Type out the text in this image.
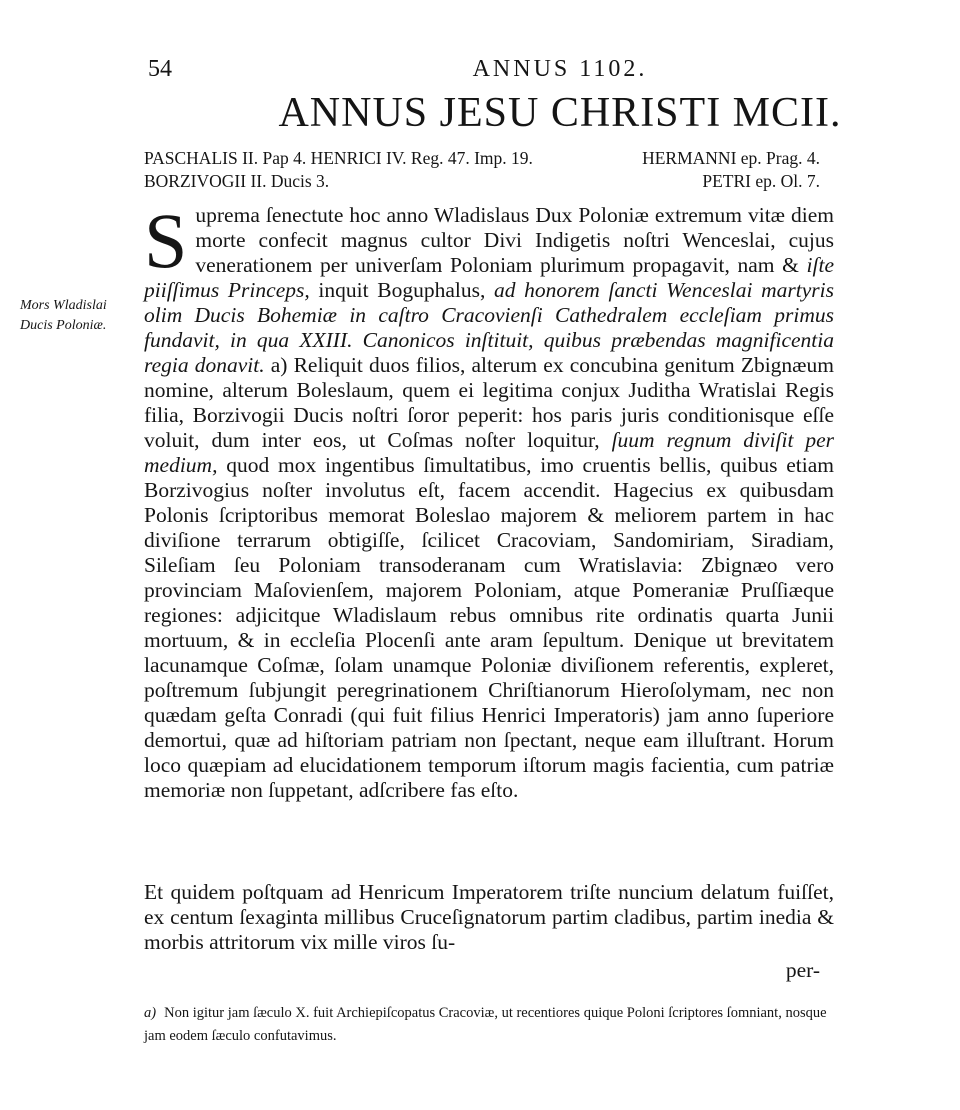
54	ANNUS 1102.
ANNUS JESU CHRISTI MCII.
PASCHALIS II. Pap 4. HENRICI IV. Reg. 47. Imp. 19.	HERMANNI ep. Prag. 4.
BORZIVOGII II. Ducis 3.	PETRI ep. Ol. 7.
Mors Wladislai Ducis Poloniæ.
S uprema ſenectute hoc anno Wladislaus Dux Poloniæ extremum vitæ diem morte confecit magnus cultor Divi Indigetis noſtri Wenceslai, cujus venerationem per univerſam Poloniam plurimum propagavit, nam & iſte piiſſimus Princeps, inquit Boguphalus, ad honorem ſancti Wenceslai martyris olim Ducis Bohemiæ in caſtro Cracovienſi Cathedralem eccleſiam primus fundavit, in qua XXIII. Canonicos inſtituit, quibus præbendas magnificentia regia donavit. a) Reliquit duos filios, alterum ex concubina genitum Zbignæum nomine, alterum Boleslaum, quem ei legitima conjux Juditha Wratislai Regis filia, Borzivogii Ducis noſtri ſoror peperit: hos paris juris conditionisque eſſe voluit, dum inter eos, ut Coſmas noſter loquitur, ſuum regnum diviſit per medium, quod mox ingentibus ſimultatibus, imo cruentis bellis, quibus etiam Borzivogius noſter involutus eſt, facem accendit. Hagecius ex quibusdam Polonis ſcriptoribus memorat Boleslao majorem & meliorem partem in hac diviſione terrarum obtigiſſe, ſcilicet Cracoviam, Sandomiriam, Siradiam, Sileſiam ſeu Poloniam transoderanam cum Wratislavia: Zbignæo vero provinciam Maſovienſem, majorem Poloniam, atque Pomeraniæ Pruſſiæque regiones: adjicitque Wladislaum rebus omnibus rite ordinatis quarta Junii mortuum, & in eccleſia Plocenſi ante aram ſepultum. Denique ut brevitatem lacunamque Coſmæ, ſolam unamque Poloniæ diviſionem referentis, expleret, poſtremum ſubjungit peregrinationem Chriſtianorum Hieroſolymam, nec non quædam geſta Conradi (qui fuit filius Henrici Imperatoris) jam anno ſuperiore demortui, quæ ad hiſtoriam patriam non ſpectant, neque eam illuſtrant. Horum loco quæpiam ad elucidationem temporum iſtorum magis facientia, cum patriæ memoriæ non ſuppetant, adſcribere fas eſto.
Et quidem poſtquam ad Henricum Imperatorem triſte nuncium delatum fuiſſet, ex centum ſexaginta millibus Cruceſignatorum partim cladibus, partim inedia & morbis attritorum vix mille viros ſu-
per-
a) Non igitur jam ſæculo X. fuit Archiepiſcopatus Cracoviæ, ut recentiores quique Poloni ſcriptores ſomniant, nosque jam eodem ſæculo confutavimus.
